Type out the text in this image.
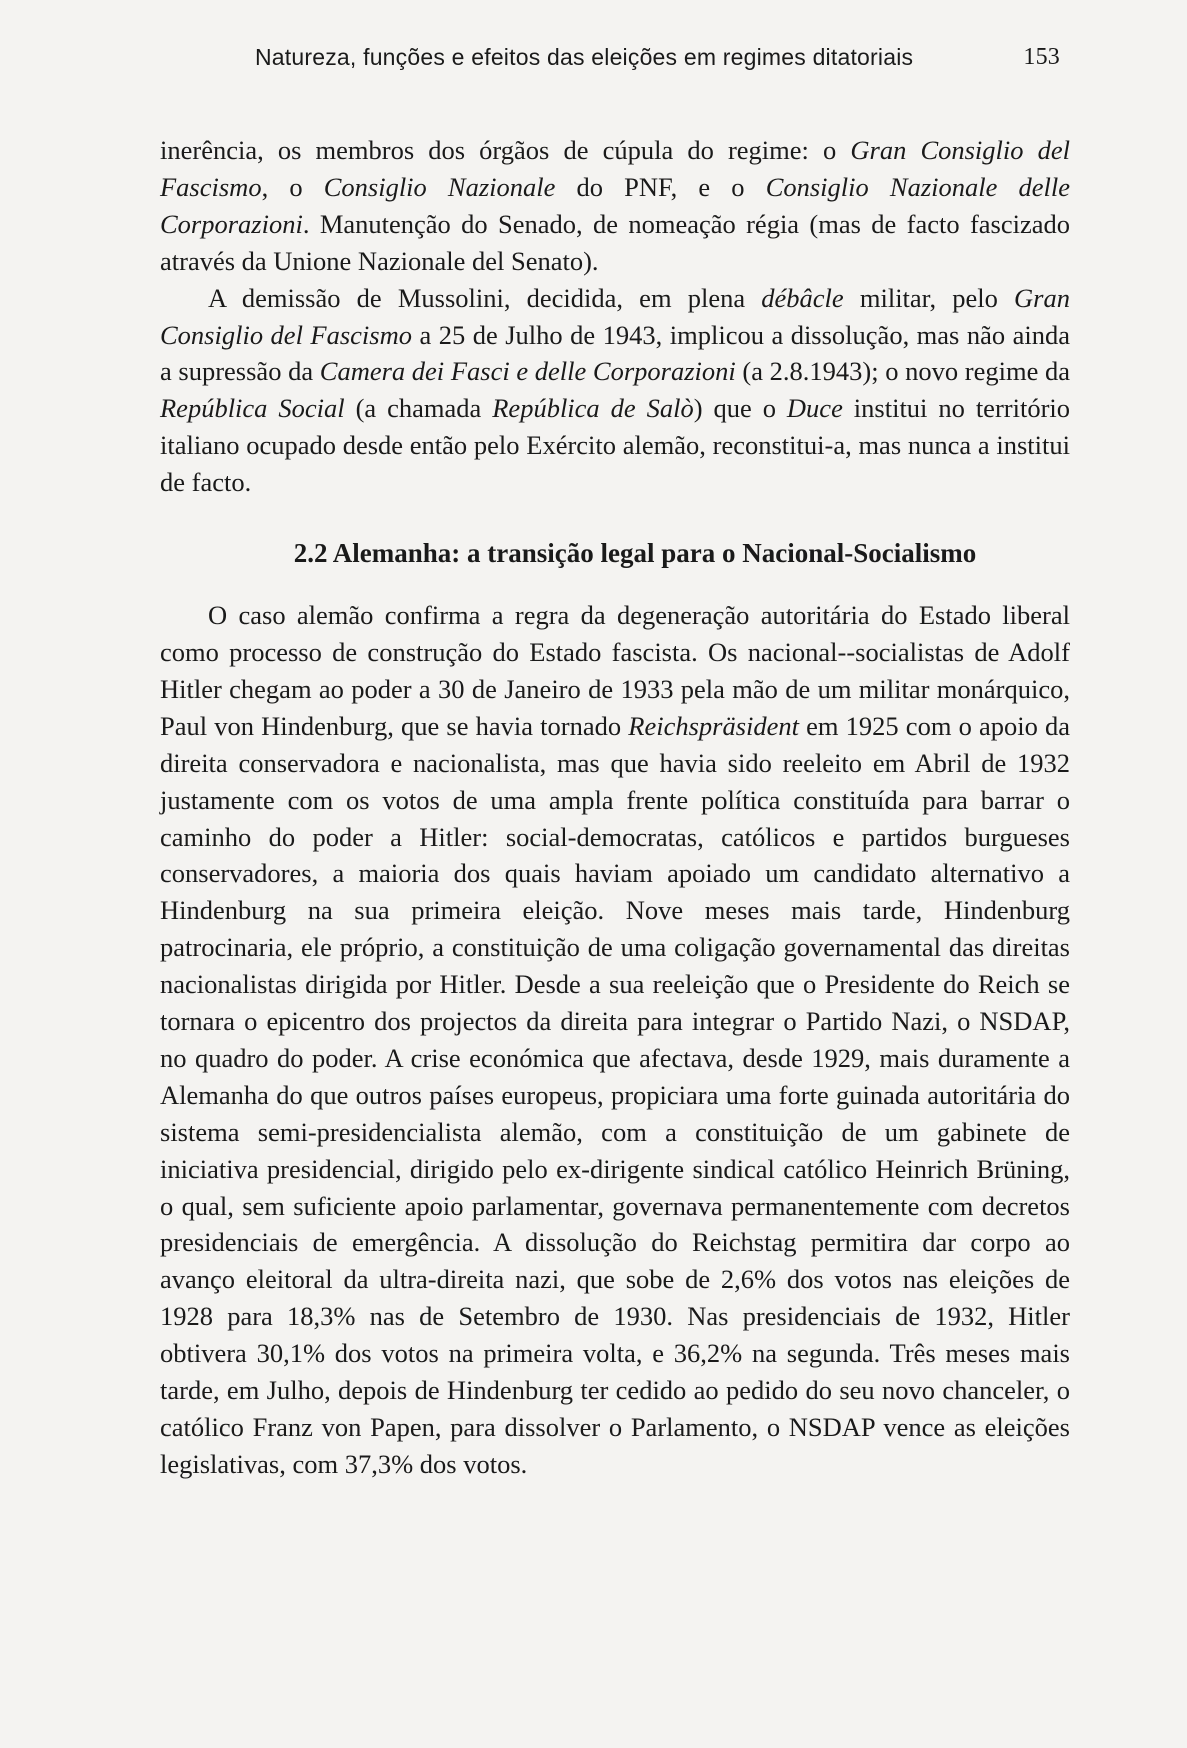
Natureza, funções e efeitos das eleições em regimes ditatoriais	153

inerência, os membros dos órgãos de cúpula do regime: o Gran Consiglio del Fascismo, o Consiglio Nazionale do PNF, e o Consiglio Nazionale delle Corporazioni. Manutenção do Senado, de nomeação régia (mas de facto fascizado através da Unione Nazionale del Senato).

A demissão de Mussolini, decidida, em plena débâcle militar, pelo Gran Consiglio del Fascismo a 25 de Julho de 1943, implicou a dissolução, mas não ainda a supressão da Camera dei Fasci e delle Corporazioni (a 2.8.1943); o novo regime da República Social (a chamada República de Salò) que o Duce institui no território italiano ocupado desde então pelo Exército alemão, reconstitui-a, mas nunca a institui de facto.

2.2 Alemanha: a transição legal para o Nacional-Socialismo

O caso alemão confirma a regra da degeneração autoritária do Estado liberal como processo de construção do Estado fascista. Os nacional--socialistas de Adolf Hitler chegam ao poder a 30 de Janeiro de 1933 pela mão de um militar monárquico, Paul von Hindenburg, que se havia tornado Reichspräsident em 1925 com o apoio da direita conservadora e nacionalista, mas que havia sido reeleito em Abril de 1932 justamente com os votos de uma ampla frente política constituída para barrar o caminho do poder a Hitler: social-democratas, católicos e partidos burgueses conservadores, a maioria dos quais haviam apoiado um candidato alternativo a Hindenburg na sua primeira eleição. Nove meses mais tarde, Hindenburg patrocinaria, ele próprio, a constituição de uma coligação governamental das direitas nacionalistas dirigida por Hitler. Desde a sua reeleição que o Presidente do Reich se tornara o epicentro dos projectos da direita para integrar o Partido Nazi, o NSDAP, no quadro do poder. A crise económica que afectava, desde 1929, mais duramente a Alemanha do que outros países europeus, propiciara uma forte guinada autoritária do sistema semi-presidencialista alemão, com a constituição de um gabinete de iniciativa presidencial, dirigido pelo ex-dirigente sindical católico Heinrich Brüning, o qual, sem suficiente apoio parlamentar, governava permanentemente com decretos presidenciais de emergência. A dissolução do Reichstag permitira dar corpo ao avanço eleitoral da ultra-direita nazi, que sobe de 2,6% dos votos nas eleições de 1928 para 18,3% nas de Setembro de 1930. Nas presidenciais de 1932, Hitler obtivera 30,1% dos votos na primeira volta, e 36,2% na segunda. Três meses mais tarde, em Julho, depois de Hindenburg ter cedido ao pedido do seu novo chanceler, o católico Franz von Papen, para dissolver o Parlamento, o NSDAP vence as eleições legislativas, com 37,3% dos votos.
